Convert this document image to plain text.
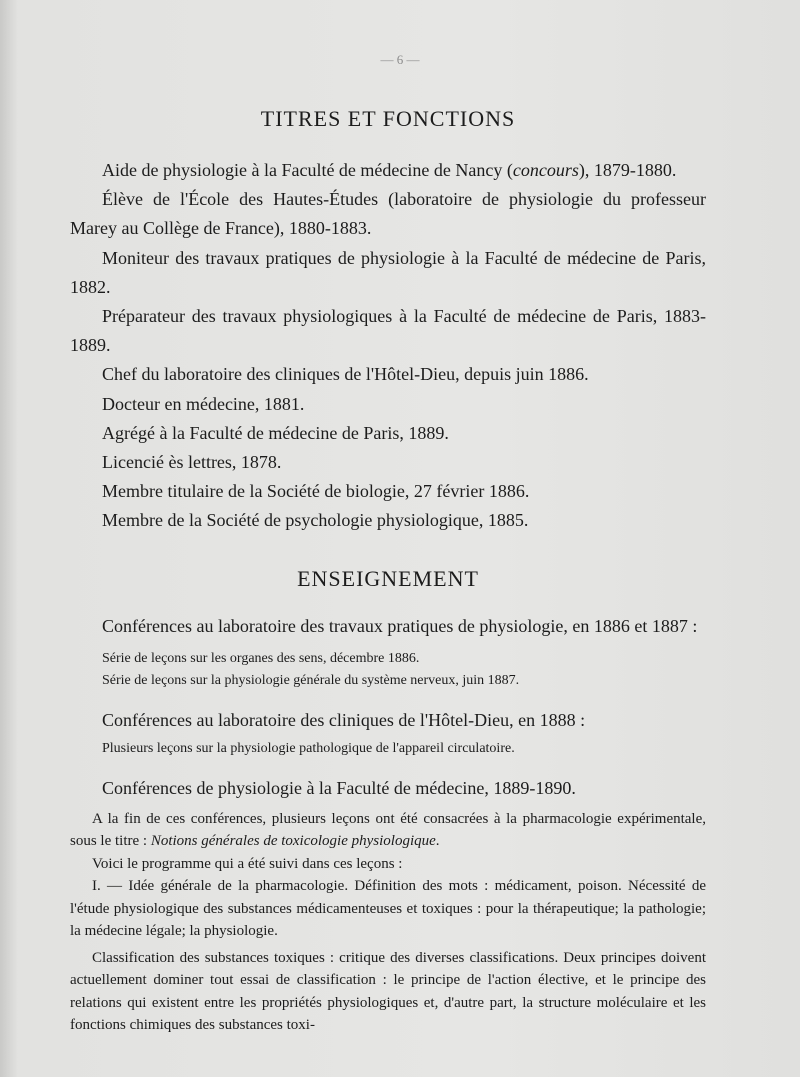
— 6 —
TITRES ET FONCTIONS

Aide de physiologie à la Faculté de médecine de Nancy (concours), 1879-1880.

Élève de l'École des Hautes-Études (laboratoire de physiologie du professeur Marey au Collège de France), 1880-1883.

Moniteur des travaux pratiques de physiologie à la Faculté de médecine de Paris, 1882.

Préparateur des travaux physiologiques à la Faculté de médecine de Paris, 1883-1889.

Chef du laboratoire des cliniques de l'Hôtel-Dieu, depuis juin 1886.

Docteur en médecine, 1881.

Agrégé à la Faculté de médecine de Paris, 1889.

Licencié ès lettres, 1878.

Membre titulaire de la Société de biologie, 27 février 1886.

Membre de la Société de psychologie physiologique, 1885.

ENSEIGNEMENT

Conférences au laboratoire des travaux pratiques de physiologie, en 1886 et 1887 :

Série de leçons sur les organes des sens, décembre 1886.

Série de leçons sur la physiologie générale du système nerveux, juin 1887.

Conférences au laboratoire des cliniques de l'Hôtel-Dieu, en 1888 :

Plusieurs leçons sur la physiologie pathologique de l'appareil circulatoire.

Conférences de physiologie à la Faculté de médecine, 1889-1890.

A la fin de ces conférences, plusieurs leçons ont été consacrées à la pharmacologie expérimentale, sous le titre : Notions générales de toxicologie physiologique.

Voici le programme qui a été suivi dans ces leçons :

I. — Idée générale de la pharmacologie. Définition des mots : médicament, poison. Nécessité de l'étude physiologique des substances médicamenteuses et toxiques : pour la thérapeutique; la pathologie; la médecine légale; la physiologie.

Classification des substances toxiques : critique des diverses classifications. Deux principes doivent actuellement dominer tout essai de classification : le principe de l'action élective, et le principe des relations qui existent entre les propriétés physiologiques et, d'autre part, la structure moléculaire et les fonctions chimiques des substances toxi-
